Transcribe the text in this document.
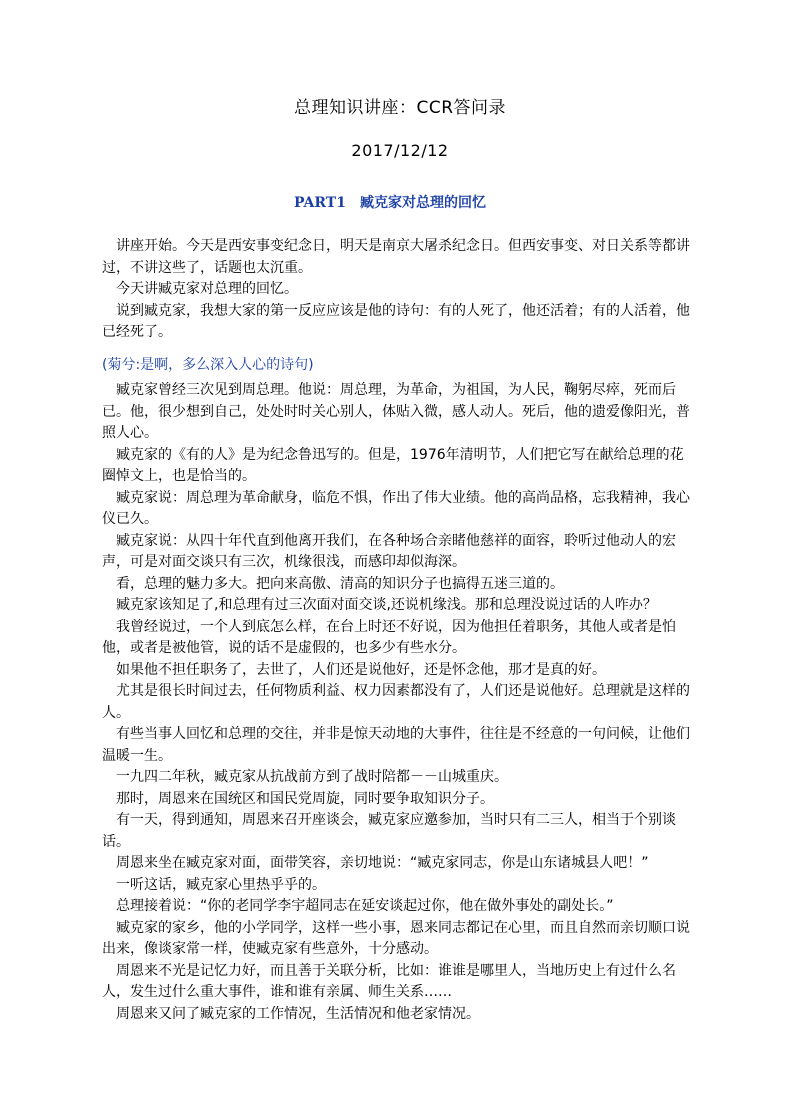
总理知识讲座：CCR答问录
2017/12/12
PART1　臧克家对总理的回忆

讲座开始。今天是西安事变纪念日，明天是南京大屠杀纪念日。但西安事变、对日关系等都讲过，不讲这些了，话题也太沉重。

今天讲臧克家对总理的回忆。

说到臧克家，我想大家的第一反应应该是他的诗句：有的人死了，他还活着；有的人活着，他已经死了。

(菊兮:是啊，多么深入人心的诗句)

臧克家曾经三次见到周总理。他说：周总理，为革命，为祖国，为人民，鞠躬尽瘁，死而后已。他，很少想到自己，处处时时关心别人，体贴入微，感人动人。死后，他的遗爱像阳光，普照人心。

臧克家的《有的人》是为纪念鲁迅写的。但是，1976年清明节，人们把它写在献给总理的花圈悼文上，也是恰当的。

臧克家说：周总理为革命献身，临危不惧，作出了伟大业绩。他的高尚品格，忘我精神，我心仪已久。

臧克家说：从四十年代直到他离开我们，在各种场合亲睹他慈祥的面容，聆听过他动人的宏声，可是对面交谈只有三次，机缘很浅，而感印却似海深。

看，总理的魅力多大。把向来高傲、清高的知识分子也搞得五迷三道的。

臧克家该知足了,和总理有过三次面对面交谈,还说机缘浅。那和总理没说过话的人咋办？

我曾经说过，一个人到底怎么样，在台上时还不好说，因为他担任着职务，其他人或者是怕他，或者是被他管，说的话不是虚假的，也多少有些水分。

如果他不担任职务了，去世了，人们还是说他好，还是怀念他，那才是真的好。

尤其是很长时间过去，任何物质利益、权力因素都没有了，人们还是说他好。总理就是这样的人。

有些当事人回忆和总理的交往，并非是惊天动地的大事件，往往是不经意的一句问候，让他们温暖一生。

一九四二年秋，臧克家从抗战前方到了战时陪都－－山城重庆。

那时，周恩来在国统区和国民党周旋，同时要争取知识分子。

有一天，得到通知，周恩来召开座谈会，臧克家应邀参加，当时只有二三人，相当于个别谈话。

周恩来坐在臧克家对面，面带笑容，亲切地说：“臧克家同志，你是山东诸城县人吧！”

一听这话，臧克家心里热乎乎的。

总理接着说：“你的老同学李宇超同志在延安谈起过你，他在做外事处的副处长。”

臧克家的家乡，他的小学同学，这样一些小事，恩来同志都记在心里，而且自然而亲切顺口说出来，像谈家常一样，使臧克家有些意外，十分感动。

周恩来不光是记忆力好，而且善于关联分析，比如：谁谁是哪里人，当地历史上有过什么名人，发生过什么重大事件，谁和谁有亲属、师生关系……

周恩来又问了臧克家的工作情况，生活情况和他老家情况。
